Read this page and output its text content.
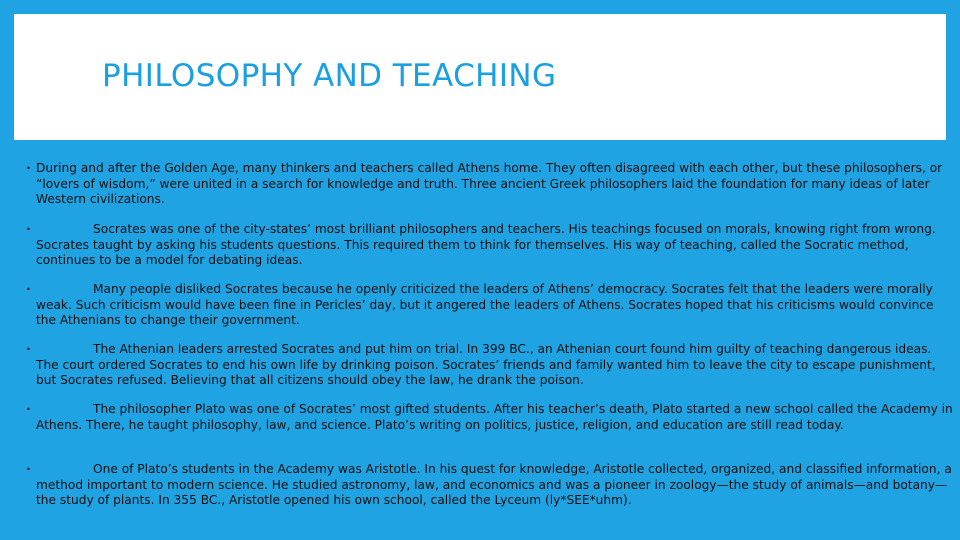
PHILOSOPHY AND TEACHING

• During and after the Golden Age, many thinkers and teachers called Athens home. They often disagreed with each other, but these philosophers, or “lovers of wisdom,” were united in a search for knowledge and truth. Three ancient Greek philosophers laid the foundation for many ideas of later Western civilizations.

•	Socrates was one of the city-states’ most brilliant philosophers and teachers. His teachings focused on morals, knowing right from wrong. Socrates taught by asking his students questions. This required them to think for themselves. His way of teaching, called the Socratic method, continues to be a model for debating ideas.

•	Many people disliked Socrates because he openly criticized the leaders of Athens’ democracy. Socrates felt that the leaders were morally weak. Such criticism would have been fine in Pericles’ day, but it angered the leaders of Athens. Socrates hoped that his criticisms would convince the Athenians to change their government.

•	The Athenian leaders arrested Socrates and put him on trial. In 399 BC., an Athenian court found him guilty of teaching dangerous ideas. The court ordered Socrates to end his own life by drinking poison. Socrates’ friends and family wanted him to leave the city to escape punishment, but Socrates refused. Believing that all citizens should obey the law, he drank the poison.

•	The philosopher Plato was one of Socrates’ most gifted students. After his teacher’s death, Plato started a new school called the Academy in Athens. There, he taught philosophy, law, and science. Plato’s writing on politics, justice, religion, and education are still read today.

•	One of Plato’s students in the Academy was Aristotle. In his quest for knowledge, Aristotle collected, organized, and classified information, a method important to modern science. He studied astronomy, law, and economics and was a pioneer in zoology—the study of animals—and botany—the study of plants. In 355 BC., Aristotle opened his own school, called the Lyceum (ly*SEE*uhm).
